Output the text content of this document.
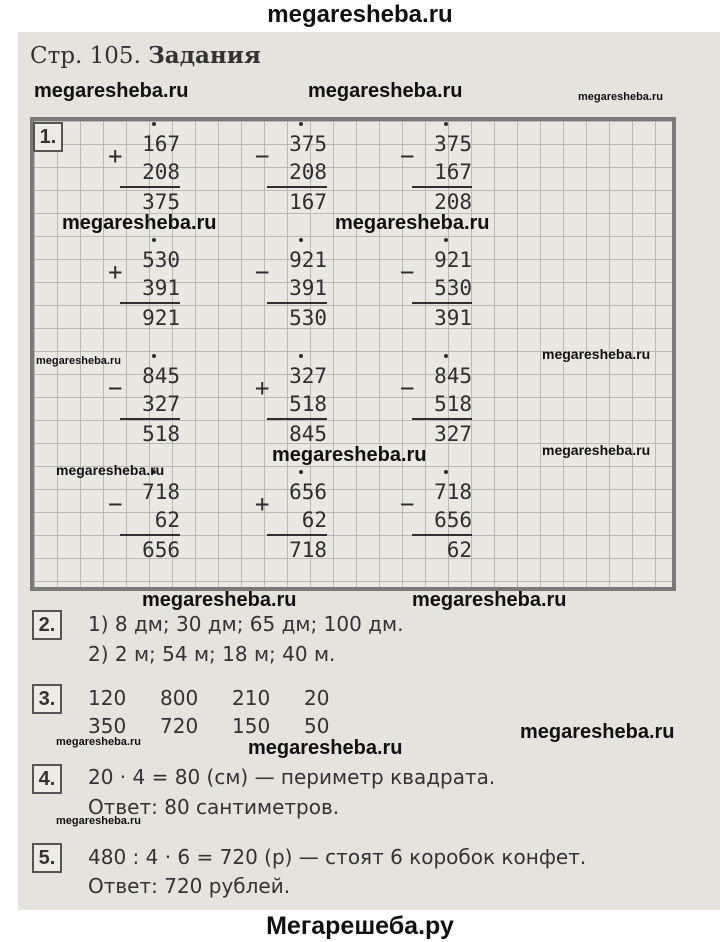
megaresheba.ru
Стр. 105. Задания
1.
+ 167
208
375
− 375
208
167
− 375
167
208
+ 530
391
921
− 921
391
530
− 921
530
391
− 845
327
518
+ 327
518
845
− 845
518
327
− 718
62
656
+ 656
62
718
− 718
656
62
2.	1) 8 дм; 30 дм; 65 дм; 100 дм.
2) 2 м; 54 м; 18 м; 40 м.
3.	120 800 210 20
350 720 150 50
4.	20 · 4 = 80 (см) — периметр квадрата.
Ответ: 80 сантиметров.
5.	480 : 4 · 6 = 720 (р) — стоят 6 коробок конфет.
Ответ: 720 рублей.
megaresheba.ru	megaresheba.ru	megaresheba.ru
megaresheba.ru	megaresheba.ru
megaresheba.ru	megaresheba.ru
megaresheba.ru	megaresheba.ru
megaresheba.ru
megaresheba.ru	megaresheba.ru
megaresheba.ru
megaresheba.ru
megaresheba.ru
megaresheba.ru
Мегарешеба.ру
